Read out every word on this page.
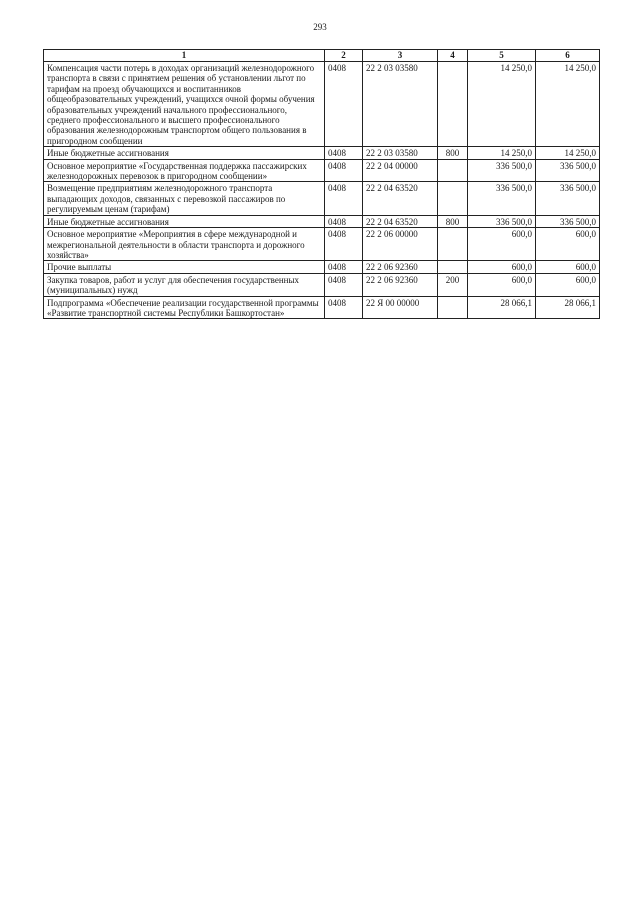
293
1	2	3	4	5	6
Компенсация части потерь в доходах организаций железнодорожного транспорта в связи с принятием решения об установлении льгот по тарифам на проезд обучающихся и воспитанников общеобразовательных учреждений, учащихся очной формы обучения образовательных учреждений начального профессионального, среднего профессионального и высшего профессионального образования железнодорожным транспортом общего пользования в пригородном сообщении	0408	22 2 03 03580		14 250,0	14 250,0
Иные бюджетные ассигнования	0408	22 2 03 03580	800	14 250,0	14 250,0
Основное мероприятие «Государственная поддержка пассажирских железнодорожных перевозок в пригородном сообщении»	0408	22 2 04 00000		336 500,0	336 500,0
Возмещение предприятиям железнодорожного транспорта выпадающих доходов, связанных с перевозкой пассажиров по регулируемым ценам (тарифам)	0408	22 2 04 63520		336 500,0	336 500,0
Иные бюджетные ассигнования	0408	22 2 04 63520	800	336 500,0	336 500,0
Основное мероприятие «Мероприятия в сфере международной и межрегиональной деятельности в области транспорта и дорожного хозяйства»	0408	22 2 06 00000		600,0	600,0
Прочие выплаты	0408	22 2 06 92360		600,0	600,0
Закупка товаров, работ и услуг для обеспечения государственных (муниципальных) нужд	0408	22 2 06 92360	200	600,0	600,0
Подпрограмма «Обеспечение реализации государственной программы «Развитие транспортной системы Республики Башкортостан»	0408	22 Я 00 00000		28 066,1	28 066,1
